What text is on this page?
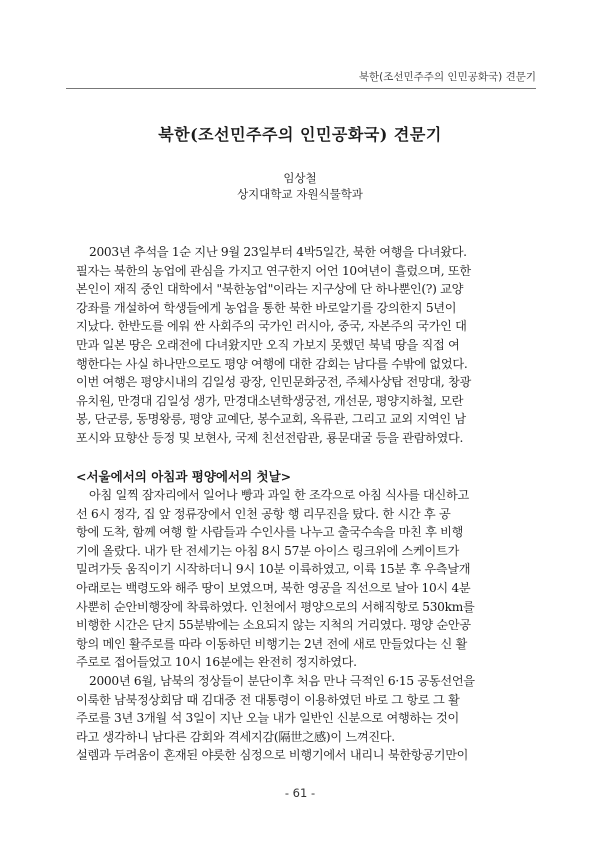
북한(조선민주주의 인민공화국) 견문기
북한(조선민주주의 인민공화국) 견문기
임상철
상지대학교 자원식물학과
2003년 추석을 1순 지난 9월 23일부터 4박5일간, 북한 여행을 다녀왔다.
필자는 북한의 농업에 관심을 가지고 연구한지 어언 10여년이 흘렀으며, 또한
본인이 재직 중인 대학에서 "북한농업"이라는 지구상에 단 하나뿐인(?) 교양
강좌를 개설하여 학생들에게 농업을 통한 북한 바로알기를 강의한지 5년이
지났다. 한반도를 에워 싼 사회주의 국가인 러시아, 중국, 자본주의 국가인 대
만과 일본 땅은 오래전에 다녀왔지만 오직 가보지 못했던 북녘 땅을 직접 여
행한다는 사실 하나만으로도 평양 여행에 대한 감회는 남다를 수밖에 없었다.
이번 여행은 평양시내의 김일성 광장, 인민문화궁전, 주체사상탑 전망대, 창광
유치원, 만경대 김일성 생가, 만경대소년학생궁전, 개선문, 평양지하철, 모란
봉, 단군릉, 동명왕릉, 평양 교예단, 봉수교회, 옥류관, 그리고 교외 지역인 남
포시와 묘향산 등정 및 보현사, 국제 친선전람관, 룡문대굴 등을 관람하였다.
<서울에서의 아침과 평양에서의 첫날>
아침 일찍 잠자리에서 일어나 빵과 과일 한 조각으로 아침 식사를 대신하고
선 6시 정각, 집 앞 정류장에서 인천 공항 행 리무진을 탔다. 한 시간 후 공
항에 도착, 함께 여행 할 사람들과 수인사를 나누고 출국수속을 마친 후 비행
기에 올랐다. 내가 탄 전세기는 아침 8시 57분 아이스 링크위에 스케이트가
밀려가듯 움직이기 시작하더니 9시 10분 이륙하였고, 이륙 15분 후 우측날개
아래로는 백령도와 해주 땅이 보였으며, 북한 영공을 직선으로 날아 10시 4분
사뿐히 순안비행장에 착륙하였다. 인천에서 평양으로의 서해직항로 530km를
비행한 시간은 단지 55분밖에는 소요되지 않는 지척의 거리였다. 평양 순안공
항의 메인 활주로를 따라 이동하던 비행기는 2년 전에 새로 만들었다는 신 활
주로로 접어들었고 10시 16분에는 완전히 정지하였다.
2000년 6월, 남북의 정상들이 분단이후 처음 만나 극적인 6·15 공동선언을
이룩한 남북정상회담 때 김대중 전 대통령이 이용하였던 바로 그 항로 그 활
주로를 3년 3개월 석 3일이 지난 오늘 내가 일반인 신분으로 여행하는 것이
라고 생각하니 남다른 감회와 격세지감(隔世之感)이 느껴진다.
설렘과 두려움이 혼재된 야릇한 심정으로 비행기에서 내리니 북한항공기만이
- 61 -
